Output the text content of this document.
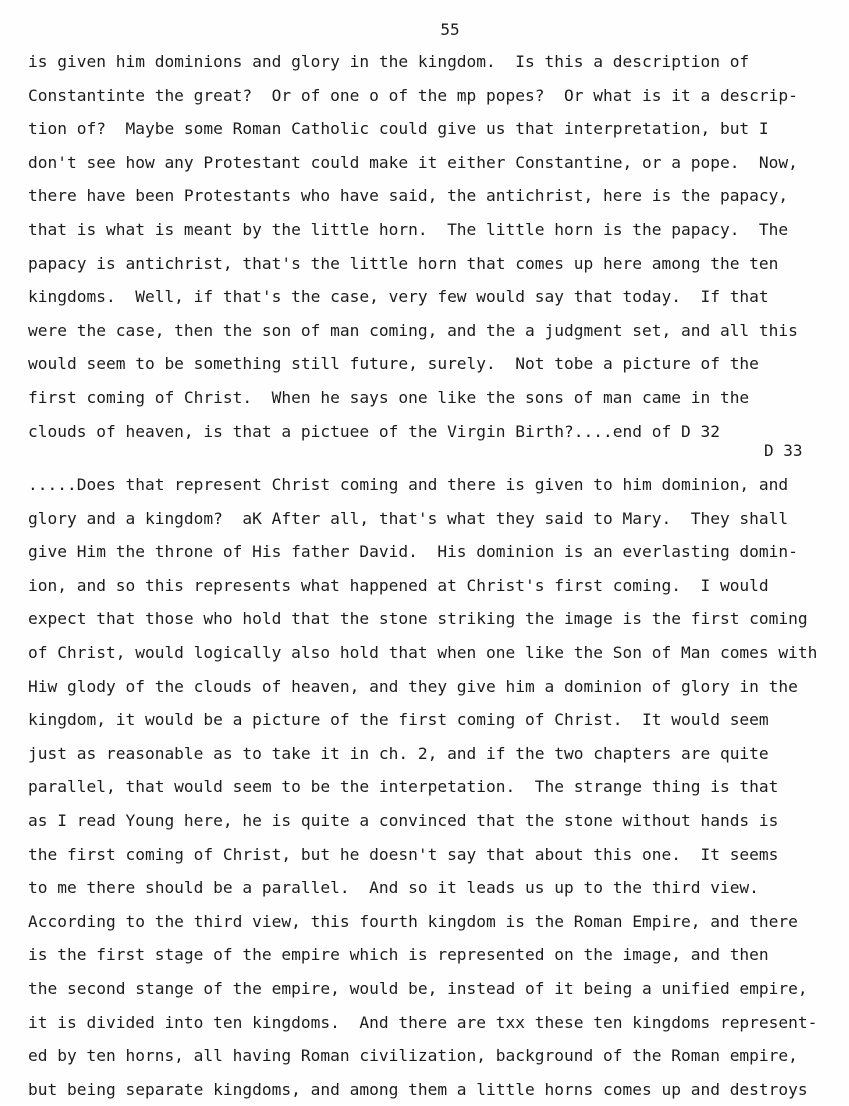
55
is given him dominions and glory in the kingdom.  Is this a description of
Constantinte the great?  Or of one o of the mp popes?  Or what is it a descrip-
tion of?  Maybe some Roman Catholic could give us that interpretation, but I
don't see how any Protestant could make it either Constantine, or a pope.  Now,
there have been Protestants who have said, the antichrist, here is the papacy,
that is what is meant by the little horn.  The little horn is the papacy.  The
papacy is antichrist, that's the little horn that comes up here among the ten
kingdoms.  Well, if that's the case, very few would say that today.  If that
were the case, then the son of man coming, and the a judgment set, and all this
would seem to be something still future, surely.  Not tobe a picture of the
first coming of Christ.  When he says one like the sons of man came in the
clouds of heaven, is that a pictuee of the Virgin Birth?....end of D 32
D 33
.....Does that represent Christ coming and there is given to him dominion, and
glory and a kingdom?  aK After all, that's what they said to Mary.  They shall
give Him the throne of His father David.  His dominion is an everlasting domin-
ion, and so this represents what happened at Christ's first coming.  I would
expect that those who hold that the stone striking the image is the first coming
of Christ, would logically also hold that when one like the Son of Man comes with
Hiw glody of the clouds of heaven, and they give him a dominion of glory in the
kingdom, it would be a picture of the first coming of Christ.  It would seem
just as reasonable as to take it in ch. 2, and if the two chapters are quite
parallel, that would seem to be the interpetation.  The strange thing is that
as I read Young here, he is quite a convinced that the stone without hands is
the first coming of Christ, but he doesn't say that about this one.  It seems
to me there should be a parallel.  And so it leads us up to the third view.
According to the third view, this fourth kingdom is the Roman Empire, and there
is the first stage of the empire which is represented on the image, and then
the second stange of the empire, would be, instead of it being a unified empire,
it is divided into ten kingdoms.  And there are txx these ten kingdoms represent-
ed by ten horns, all having Roman civilization, background of the Roman empire,
but being separate kingdoms, and among them a little horns comes up and destroys
